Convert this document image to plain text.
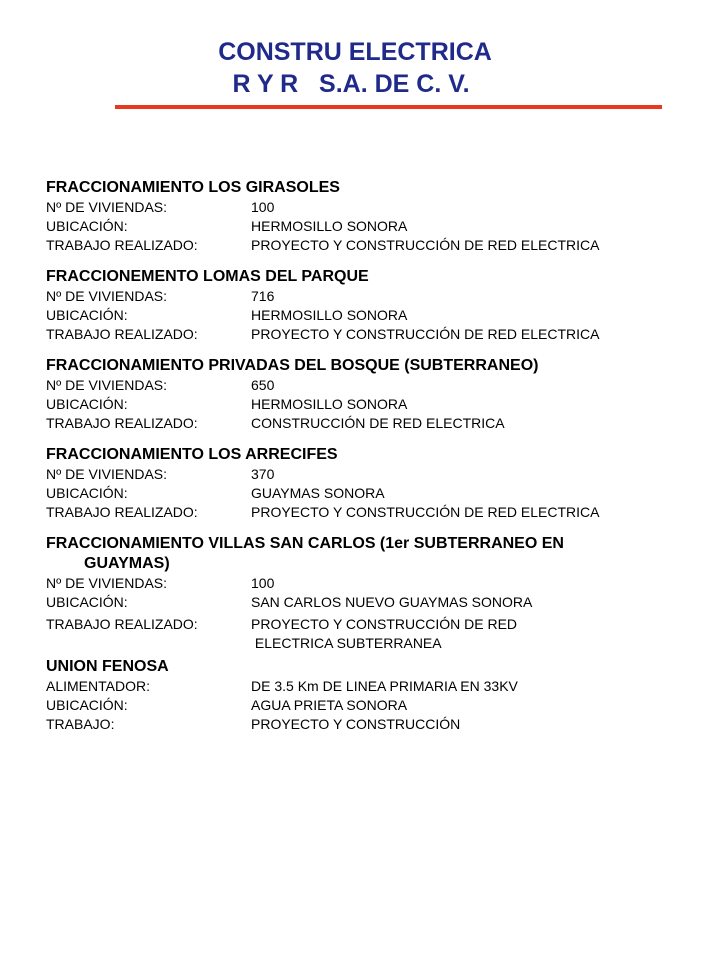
CONSTRU ELECTRICA
R Y R   S.A. DE C. V.
FRACCIONAMIENTO LOS GIRASOLES
Nº DE VIVIENDAS:	100
UBICACIÓN:	HERMOSILLO SONORA
TRABAJO REALIZADO:	PROYECTO Y CONSTRUCCIÓN DE RED ELECTRICA
FRACCIONEMENTO LOMAS DEL PARQUE
Nº DE VIVIENDAS:	716
UBICACIÓN:	HERMOSILLO SONORA
TRABAJO REALIZADO:	PROYECTO Y CONSTRUCCIÓN DE RED ELECTRICA
FRACCIONAMIENTO PRIVADAS DEL BOSQUE (SUBTERRANEO)
Nº DE VIVIENDAS:	650
UBICACIÓN:	HERMOSILLO SONORA
TRABAJO REALIZADO:	CONSTRUCCIÓN DE RED ELECTRICA
FRACCIONAMIENTO LOS ARRECIFES
Nº DE VIVIENDAS:	370
UBICACIÓN:	GUAYMAS SONORA
TRABAJO REALIZADO:	PROYECTO Y CONSTRUCCIÓN DE RED ELECTRICA
FRACCIONAMIENTO VILLAS SAN CARLOS (1er SUBTERRANEO EN
GUAYMAS)
Nº DE VIVIENDAS:	100
UBICACIÓN:	SAN CARLOS NUEVO GUAYMAS SONORA
TRABAJO REALIZADO:	PROYECTO Y CONSTRUCCIÓN DE RED
ELECTRICA SUBTERRANEA
UNION FENOSA
ALIMENTADOR:	DE 3.5 Km DE LINEA PRIMARIA EN 33KV
UBICACIÓN:	AGUA PRIETA SONORA
TRABAJO:	PROYECTO Y CONSTRUCCIÓN
